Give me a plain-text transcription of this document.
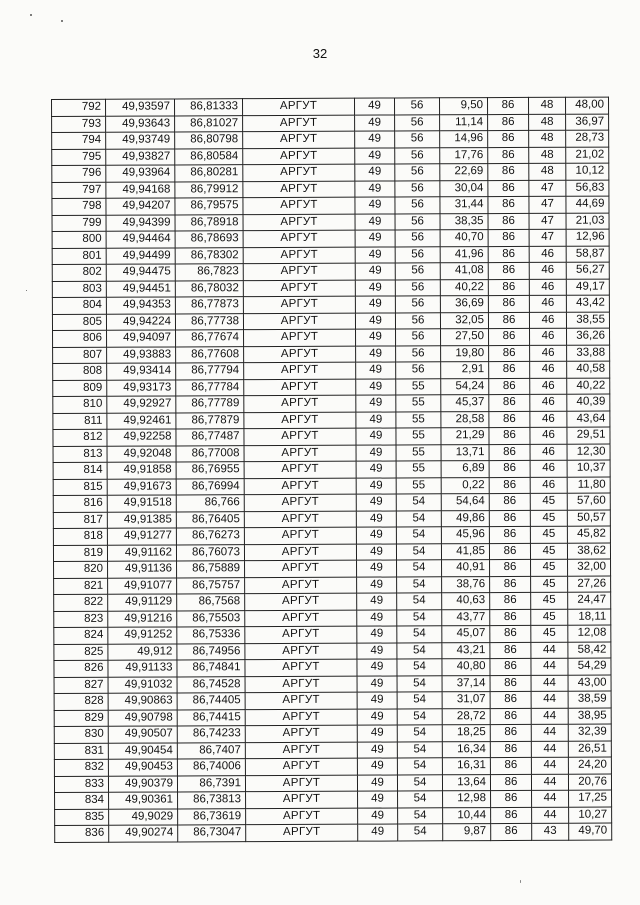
32
792	49,93597	86,81333	АРГУТ	49	56	9,50	86	48	48,00
793	49,93643	86,81027	АРГУТ	49	56	11,14	86	48	36,97
794	49,93749	86,80798	АРГУТ	49	56	14,96	86	48	28,73
795	49,93827	86,80584	АРГУТ	49	56	17,76	86	48	21,02
796	49,93964	86,80281	АРГУТ	49	56	22,69	86	48	10,12
797	49,94168	86,79912	АРГУТ	49	56	30,04	86	47	56,83
798	49,94207	86,79575	АРГУТ	49	56	31,44	86	47	44,69
799	49,94399	86,78918	АРГУТ	49	56	38,35	86	47	21,03
800	49,94464	86,78693	АРГУТ	49	56	40,70	86	47	12,96
801	49,94499	86,78302	АРГУТ	49	56	41,96	86	46	58,87
802	49,94475	86,7823	АРГУТ	49	56	41,08	86	46	56,27
803	49,94451	86,78032	АРГУТ	49	56	40,22	86	46	49,17
804	49,94353	86,77873	АРГУТ	49	56	36,69	86	46	43,42
805	49,94224	86,77738	АРГУТ	49	56	32,05	86	46	38,55
806	49,94097	86,77674	АРГУТ	49	56	27,50	86	46	36,26
807	49,93883	86,77608	АРГУТ	49	56	19,80	86	46	33,88
808	49,93414	86,77794	АРГУТ	49	56	2,91	86	46	40,58
809	49,93173	86,77784	АРГУТ	49	55	54,24	86	46	40,22
810	49,92927	86,77789	АРГУТ	49	55	45,37	86	46	40,39
811	49,92461	86,77879	АРГУТ	49	55	28,58	86	46	43,64
812	49,92258	86,77487	АРГУТ	49	55	21,29	86	46	29,51
813	49,92048	86,77008	АРГУТ	49	55	13,71	86	46	12,30
814	49,91858	86,76955	АРГУТ	49	55	6,89	86	46	10,37
815	49,91673	86,76994	АРГУТ	49	55	0,22	86	46	11,80
816	49,91518	86,766	АРГУТ	49	54	54,64	86	45	57,60
817	49,91385	86,76405	АРГУТ	49	54	49,86	86	45	50,57
818	49,91277	86,76273	АРГУТ	49	54	45,96	86	45	45,82
819	49,91162	86,76073	АРГУТ	49	54	41,85	86	45	38,62
820	49,91136	86,75889	АРГУТ	49	54	40,91	86	45	32,00
821	49,91077	86,75757	АРГУТ	49	54	38,76	86	45	27,26
822	49,91129	86,7568	АРГУТ	49	54	40,63	86	45	24,47
823	49,91216	86,75503	АРГУТ	49	54	43,77	86	45	18,11
824	49,91252	86,75336	АРГУТ	49	54	45,07	86	45	12,08
825	49,912	86,74956	АРГУТ	49	54	43,21	86	44	58,42
826	49,91133	86,74841	АРГУТ	49	54	40,80	86	44	54,29
827	49,91032	86,74528	АРГУТ	49	54	37,14	86	44	43,00
828	49,90863	86,74405	АРГУТ	49	54	31,07	86	44	38,59
829	49,90798	86,74415	АРГУТ	49	54	28,72	86	44	38,95
830	49,90507	86,74233	АРГУТ	49	54	18,25	86	44	32,39
831	49,90454	86,7407	АРГУТ	49	54	16,34	86	44	26,51
832	49,90453	86,74006	АРГУТ	49	54	16,31	86	44	24,20
833	49,90379	86,7391	АРГУТ	49	54	13,64	86	44	20,76
834	49,90361	86,73813	АРГУТ	49	54	12,98	86	44	17,25
835	49,9029	86,73619	АРГУТ	49	54	10,44	86	44	10,27
836	49,90274	86,73047	АРГУТ	49	54	9,87	86	43	49,70
